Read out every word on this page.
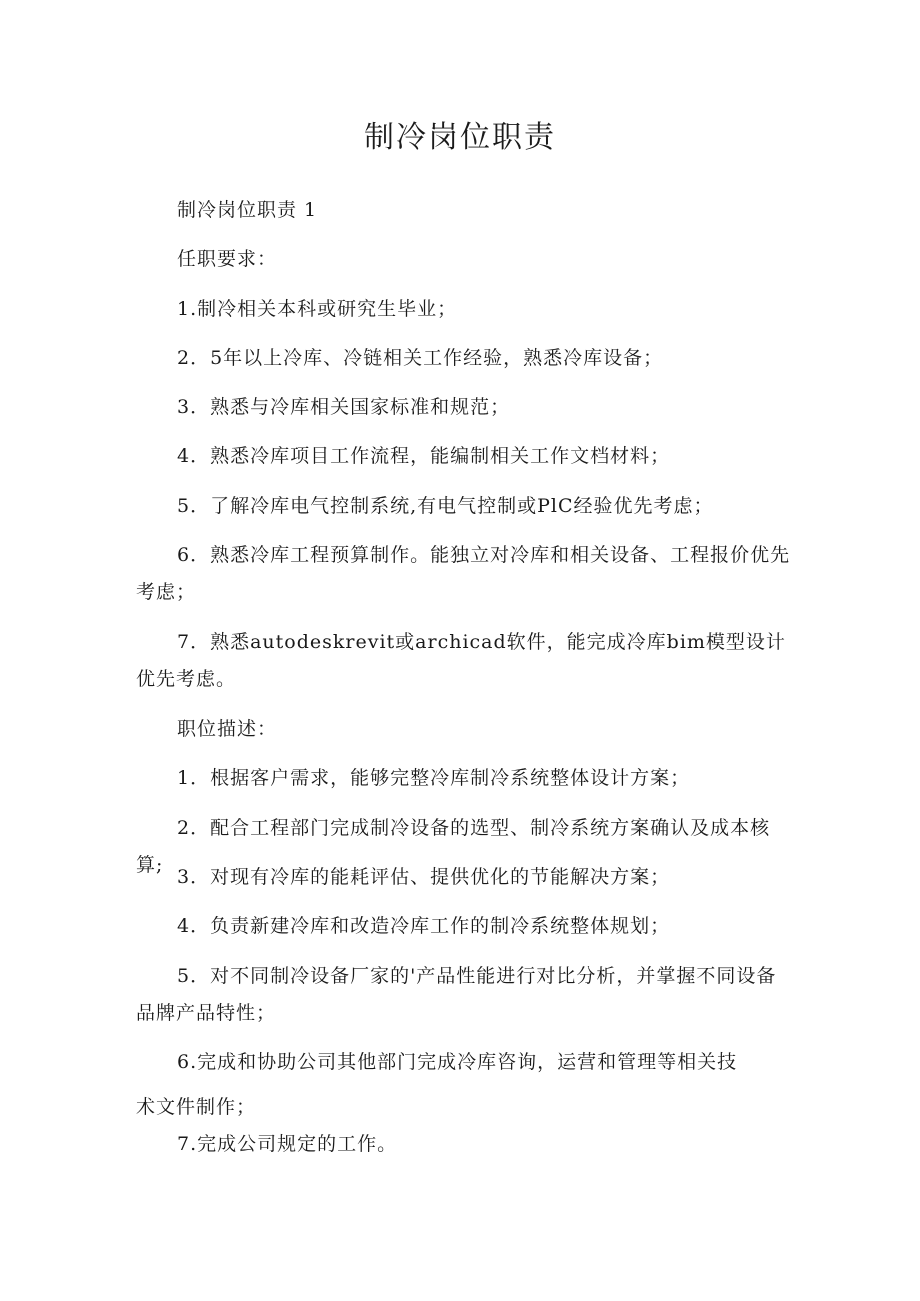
制冷岗位职责

制冷岗位职责 1

任职要求：

1.制冷相关本科或研究生毕业；

2．5年以上冷库、冷链相关工作经验，熟悉冷库设备；

3．熟悉与冷库相关国家标准和规范；

4．熟悉冷库项目工作流程，能编制相关工作文档材料；

5．了解冷库电气控制系统,有电气控制或PlC经验优先考虑；

6．熟悉冷库工程预算制作。能独立对冷库和相关设备、工程报价优先考虑；

7．熟悉autodeskrevit或archicad软件，能完成冷库bim模型设计优先考虑。

职位描述：

1．根据客户需求，能够完整冷库制冷系统整体设计方案；

2．配合工程部门完成制冷设备的选型、制冷系统方案确认及成本核算;

3．对现有冷库的能耗评估、提供优化的节能解决方案；

4．负责新建冷库和改造冷库工作的制冷系统整体规划；

5．对不同制冷设备厂家的'产品性能进行对比分析，并掌握不同设备品牌产品特性；

6.完成和协助公司其他部门完成冷库咨询，运营和管理等相关技

术文件制作；

7.完成公司规定的工作。
